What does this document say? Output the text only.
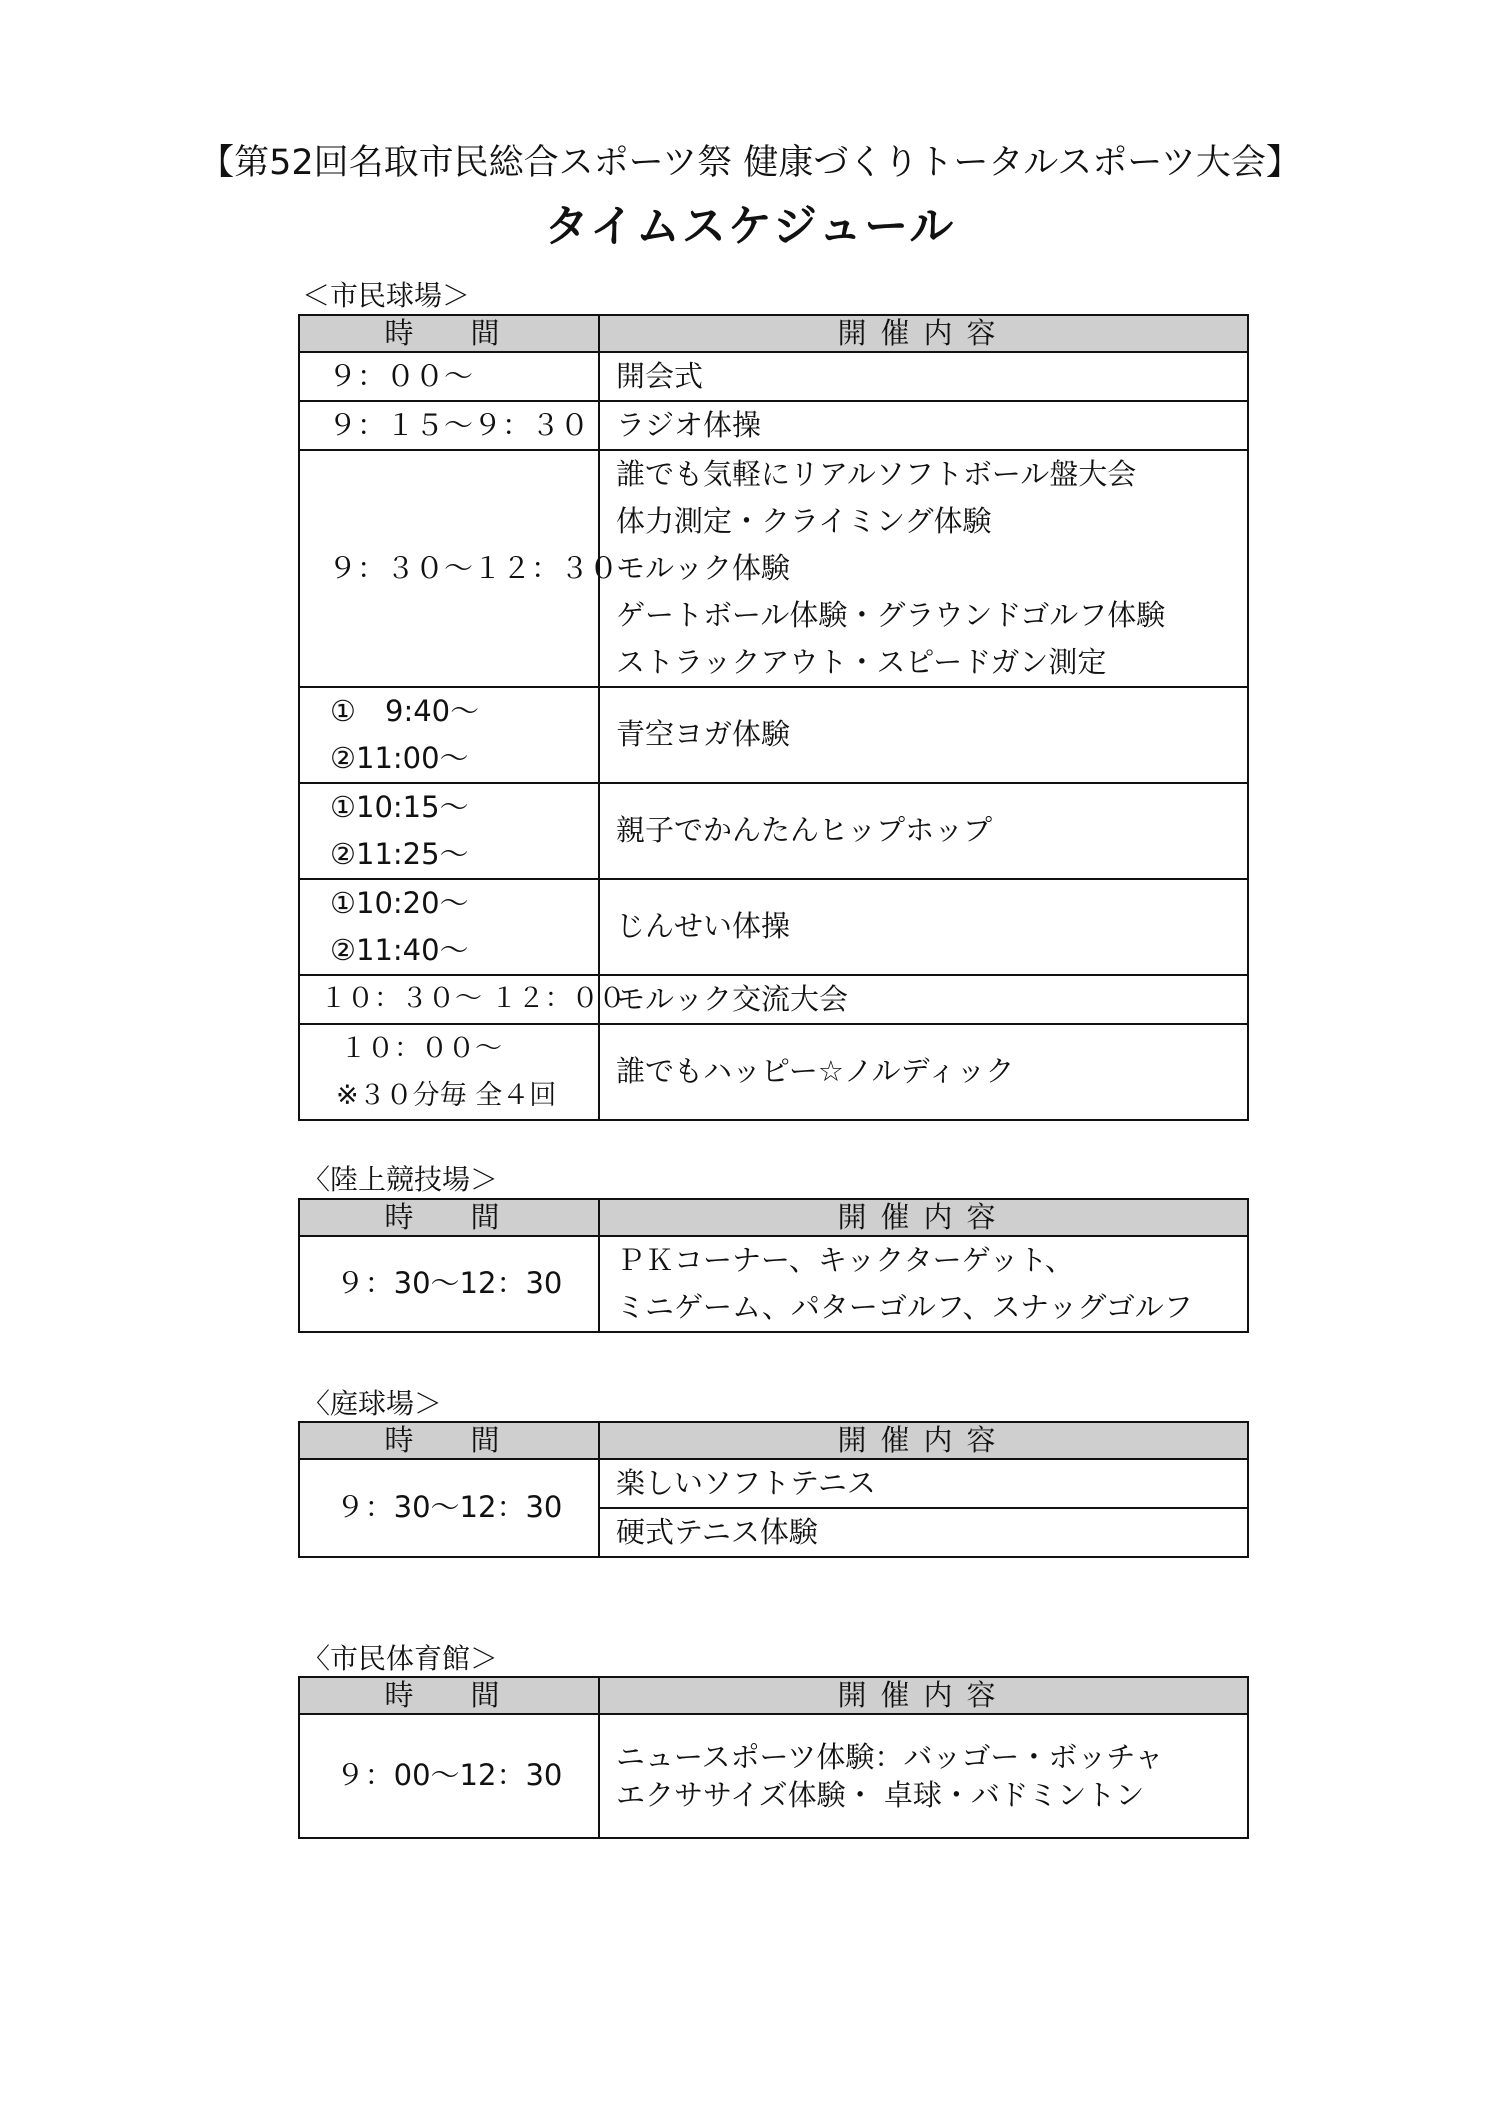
【第52回名取市民総合スポーツ祭 健康づくりトータルスポーツ大会】
タイムスケジュール
＜市民球場＞
時　間	開催内容
９：００～	開会式

９：１５～９：３０	ラジオ体操

９：３０～１２：３０	誰でも気軽にリアルソフトボール盤大会
体力測定・クライミング体験
モルック体験
ゲートボール体験・グラウンドゴルフ体験
ストラックアウト・スピードガン測定

①　9:40～
②11:00～	青空ヨガ体験

①10:15～
②11:25～	親子でかんたんヒップホップ

①10:20～
②11:40～	じんせい体操

１０：３０～ １２：００	モルック交流大会

１０：００～
※３０分毎 全４回	誰でもハッピー☆ノルディック
〈陸上競技場＞
時　間	開催内容
９：30～12：30	ＰＫコーナー、キックターゲット、
ミニゲーム、パターゴルフ、スナッグゴルフ
〈庭球場＞
時　間	開催内容
９：30～12：30	楽しいソフトテニス

	硬式テニス体験
〈市民体育館＞
時　間	開催内容
９：00～12：30	ニュースポーツ体験：バッゴー・ボッチャ
エクササイズ体験・ 卓球・バドミントン
